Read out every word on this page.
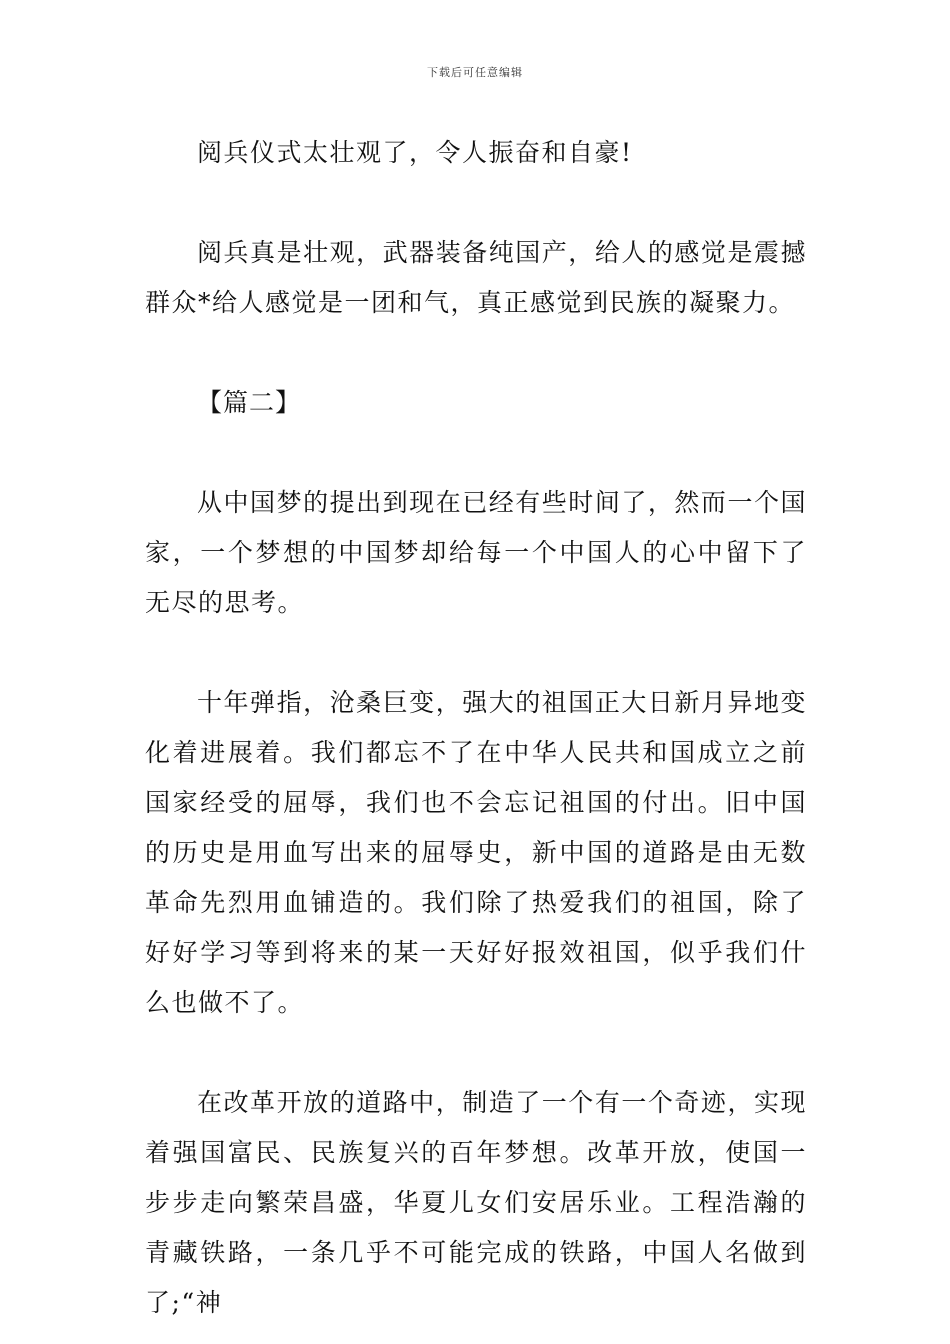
下载后可任意编辑

阅兵仪式太壮观了，令人振奋和自豪!

阅兵真是壮观，武器装备纯国产，给人的感觉是震撼群众*给人感觉是一团和气，真正感觉到民族的凝聚力。

【篇二】

从中国梦的提出到现在已经有些时间了，然而一个国家，一个梦想的中国梦却给每一个中国人的心中留下了无尽的思考。

十年弹指，沧桑巨变，强大的祖国正大日新月异地变化着进展着。我们都忘不了在中华人民共和国成立之前国家经受的屈辱，我们也不会忘记祖国的付出。旧中国的历史是用血写出来的屈辱史，新中国的道路是由无数革命先烈用血铺造的。我们除了热爱我们的祖国，除了好好学习等到将来的某一天好好报效祖国，似乎我们什么也做不了。

在改革开放的道路中，制造了一个有一个奇迹，实现着强国富民、民族复兴的百年梦想。改革开放，使国一步步走向繁荣昌盛，华夏儿女们安居乐业。工程浩瀚的青藏铁路，一条几乎不可能完成的铁路，中国人名做到了;“神
